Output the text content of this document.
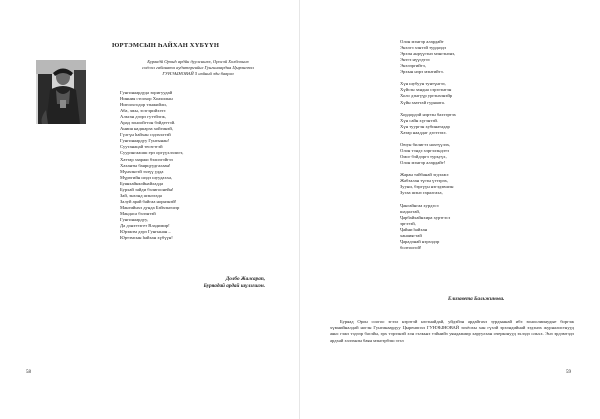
ЮРТЭМСЫН ҺАЙХАН ХҮБҮҮН
Бурвадй Оронһ ардйи дуулсншээ, Оросэй Холбоониэ
соёоол габаната аудитөргийнг Гунгинаардия Цырэнппэл
ГУНЭЫНОВАЙ 5 нэйний эдн баврга
Гунгинаардуда зоригуудай
Нинния стоохор Хоахилын
Нигоохгодор тэнжийли,
Аба, эжы, эсэгэрийхэтэ
Альтан дээрэ гуттйэгж,
Арад зоноойгтон бэйдегтэй.
Аниия надшарза хойгинэй,
Гүлгүн һайхан сэдэхэлтэй
Гунгинаардуу Гунгынан!
Суутанацай теозгтгэй
Суурэнгаашш ерэ оргүүхлэлигэ,
Хаттар зааржи бэлиэгэйгээ
Хаханты баярцуудгалаан!
Мүнхэнгэй зэлүү удда
Мүрөгийн шэдэ шуудахха,
Буянхайнкэйнайладда
Бурхай зайди бэлигоонейн!
Зай, энхэнд шэнэгада
Залуй арай байгаа норнэнэй!
Мангийнхэ дунда Бэйхэнгшэр
Мандаса бэлэнтэй
Гунгинаардуу,
Да дэнэттэгет Владимир!
Юрэжэм дэрэ Гунгынан –
Юртэмсын һайхан хүбүүн!
Долбо Жалсарап,
Буряадай ардай шүлэгшэн.
58
Олон мэнгэр алардайт
Энхэгэ хэнтэй турдаэдэ
Эрхэн әнрүүгэнэ мэнгэнэнэ,
Энтгэ нүүгдтээ
Энхээргийтэ,
Эрхын нэрэ мэнтийтэ.
Хүн шубуун тунтүнгээ,
Хүйсэн зандна сэрэгэнтэн
Холо дэнгүүр ургэнхэнэйр
Хүйн зааттай гуряаата.
Хордордэй нэртэн бахтэртэх
Хүн сайн хүгэнтэй.
Хүн туургэн хубинатадар
Хатар нааддаг дэгэтэхэ.
Оюун билигтэ нахтүүлэх,
Олон тэндэ хэргэлэндэтэ
Омог бэйдэргэ турьуүх,
Олон мэнгэр алардайт!
Жаран тайбанай эгдэлжэ
Жабзалан түгэн үттэрэх,
Зууни, бэргүүн нэгэдэвшэн
Зугаа шэнэ гаралгаха,
Ҷангайнгаа хурдэсэ
шадалтай,
Ҷарбайхайнхира хуртгэсэ
эргэтэй,
Ҷайни һайхан
ханаиягтай
Ҷарадэнай нэрхэдэр
болтоогой!
Елизавета Бальжинова.
Буряад Орон соогоо эгээл нэрэтэй нэгэнайдай, уйдэйэн ардайгахэ зурдыннай ибэ зоноолиинудые боргэж хүмнийналдай ногэн Гунгинаардуу Цыренппэл ГУНЭЫНОВАЙ зохёохы хан гүхэй эрхэндийнай эздэнэх журналистнууд аянс гэжэ тэдээр басэйн, эрх тэрээнэй хэн гэлкьнэ тэйнийэ уяндажиир харуулхан очерконууд эхлэдэ ольхх. Энэ эрдэмтэдэ ардхай хэлэхнэн баян мэнгэрбэш эгэл
59
